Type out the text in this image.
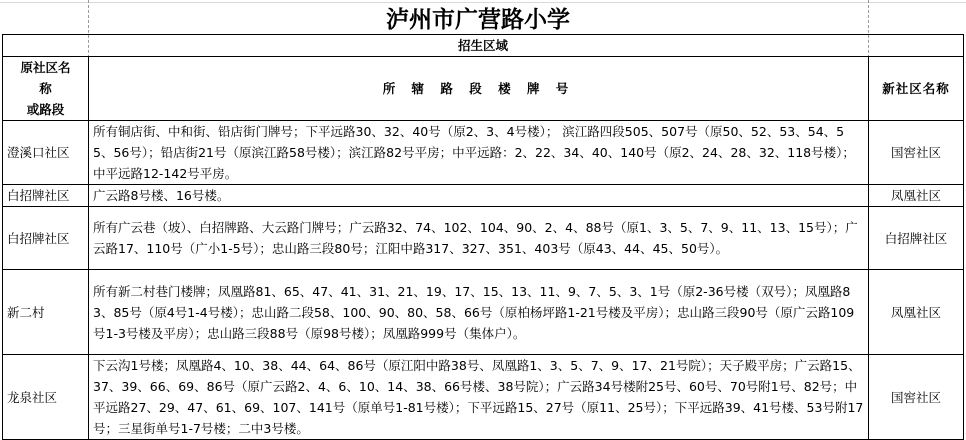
泸州市广营路小学
招生区域		

原社区名
称
或路段	所 辖 路 段 楼 牌 号	新社区名称
澄溪口社区	所有铜店街、中和街、铅店街门牌号；下平远路30、32、40号（原2、3、4号楼）； 滨江路四段505、507号（原50、52、53、54、55、56号）；铅店街21号（原滨江路58号楼）；滨江路82号平房；中平远路：2、22、34、40、140号（原2、24、28、32、118号楼）；中平远路12-142号平房。	国窖社区
白招牌社区	广云路8号楼、16号楼。	凤凰社区
白招牌社区	所有广云巷（坡）、白招牌路、大云路门牌号；广云路32、74、102、104、90、2、4、88号（原1、3、5、7、9、11、13、15号）；广云路17、110号（广小1-5号）；忠山路三段80号；江阳中路317、327、351、403号（原43、44、45、50号）。	白招牌社区
新二村	所有新二村巷门楼牌；凤凰路81、65、47、41、31、21、19、17、15、13、11、9、7、5、3、1号（原2-36号楼（双号）；凤凰路83、85号（原4号1-4号楼）；忠山路二段58、100、90、80、58、66号（原柏杨坪路1-21号楼及平房）；忠山路三段90号（原广云路109号1-3号楼及平房）；忠山路三段88号（原98号楼）；凤凰路999号（集体户）。	凤凰社区
龙泉社区	下云沟1号楼；凤凰路4、10、38、44、64、86号（原江阳中路38号、凤凰路1、3、5、7、9、17、21号院）；天子殿平房；广云路15、37、39、66、69、86号（原广云路2、4、6、10、14、38、66号楼、38号院）；广云路34号楼附25号、60号、70号附1号、82号；中平远路27、29、47、61、69、107、141号（原单号1-81号楼）；下平远路15、27号（原11、25号）；下平远路39、41号楼、53号附17号；三星街单号1-7号楼；二中3号楼。	国窖社区
